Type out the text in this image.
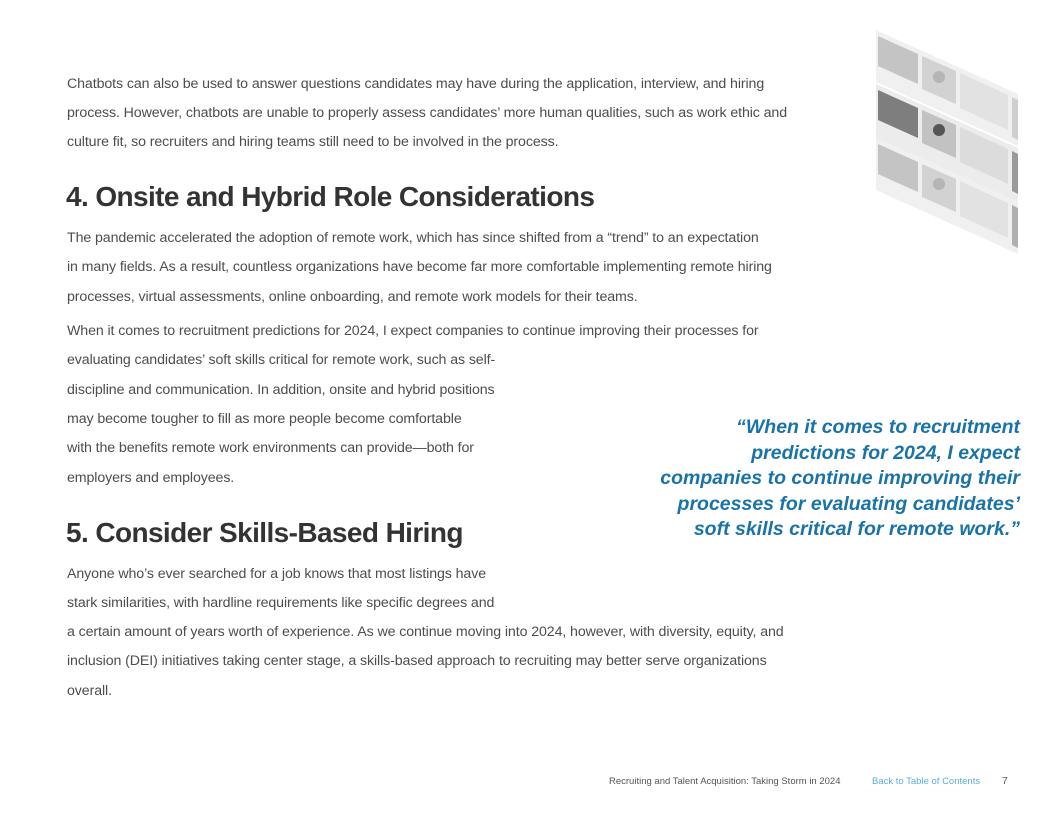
Chatbots can also be used to answer questions candidates may have during the application, interview, and hiring

process. However, chatbots are unable to properly assess candidates’ more human qualities, such as work ethic and

culture fit, so recruiters and hiring teams still need to be involved in the process.

4. Onsite and Hybrid Role Considerations

The pandemic accelerated the adoption of remote work, which has since shifted from a “trend” to an expectation

in many fields. As a result, countless organizations have become far more comfortable implementing remote hiring

processes, virtual assessments, online onboarding, and remote work models for their teams.

When it comes to recruitment predictions for 2024, I expect companies to continue improving their processes for

evaluating candidates’ soft skills critical for remote work, such as self-

discipline and communication. In addition, onsite and hybrid positions

may become tougher to fill as more people become comfortable

with the benefits remote work environments can provide—both for

employers and employees.

“When it comes to recruitment
predictions for 2024, I expect
companies to continue improving their
processes for evaluating candidates’
soft skills critical for remote work.”
5. Consider Skills-Based Hiring

Anyone who’s ever searched for a job knows that most listings have

stark similarities, with hardline requirements like specific degrees and

a certain amount of years worth of experience. As we continue moving into 2024, however, with diversity, equity, and

inclusion (DEI) initiatives taking center stage, a skills-based approach to recruiting may better serve organizations

overall.

Recruiting and Talent Acquisition: Taking Storm in 2024	Back to Table of Contents 7
